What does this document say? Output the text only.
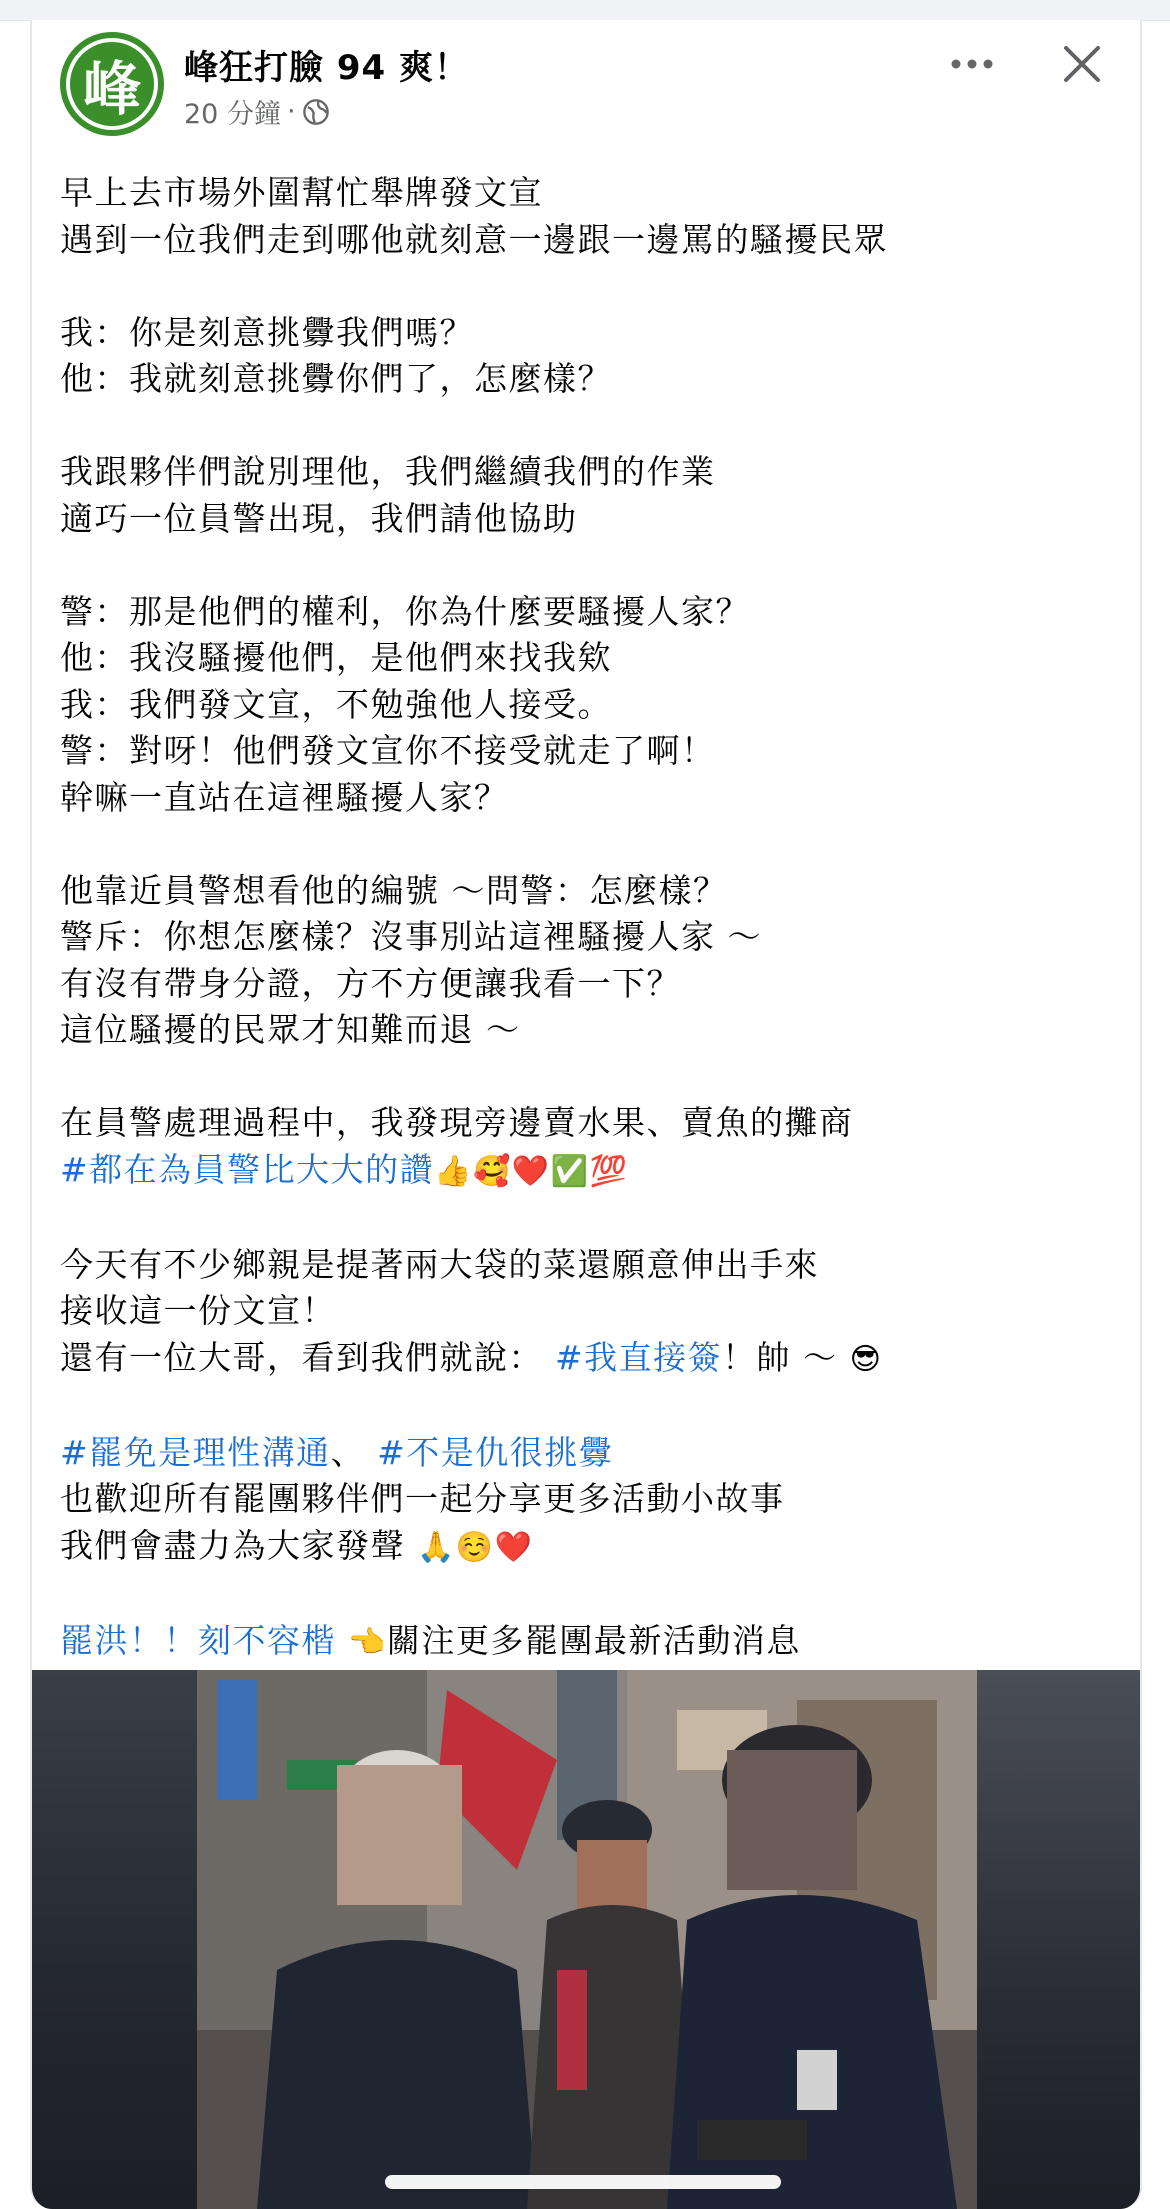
峰	峰狂打臉 94 爽！
20 分鐘 ·

早上去市場外圍幫忙舉牌發文宣

遇到一位我們走到哪他就刻意一邊跟一邊罵的騷擾民眾

我：你是刻意挑釁我們嗎？

他：我就刻意挑釁你們了，怎麼樣？

我跟夥伴們說別理他，我們繼續我們的作業

適巧一位員警出現，我們請他協助

警：那是他們的權利，你為什麼要騷擾人家？

他：我沒騷擾他們，是他們來找我欸

我：我們發文宣，不勉強他人接受。

警：對呀！他們發文宣你不接受就走了啊！

幹嘛一直站在這裡騷擾人家？

他靠近員警想看他的編號 ～問警：怎麼樣？

警斥：你想怎麼樣？沒事別站這裡騷擾人家 ～

有沒有帶身分證，方不方便讓我看一下？

這位騷擾的民眾才知難而退 ～

在員警處理過程中，我發現旁邊賣水果、賣魚的攤商

#都在為員警比大大的讚👍🥰❤️✅💯

今天有不少鄉親是提著兩大袋的菜還願意伸出手來

接收這一份文宣！

還有一位大哥，看到我們就說： #我直接簽！帥 ～ 😎

#罷免是理性溝通、 #不是仇很挑釁

也歡迎所有罷團夥伴們一起分享更多活動小故事

我們會盡力為大家發聲 🙏☺️❤️

罷洪！！刻不容楷 👈關注更多罷團最新活動消息
